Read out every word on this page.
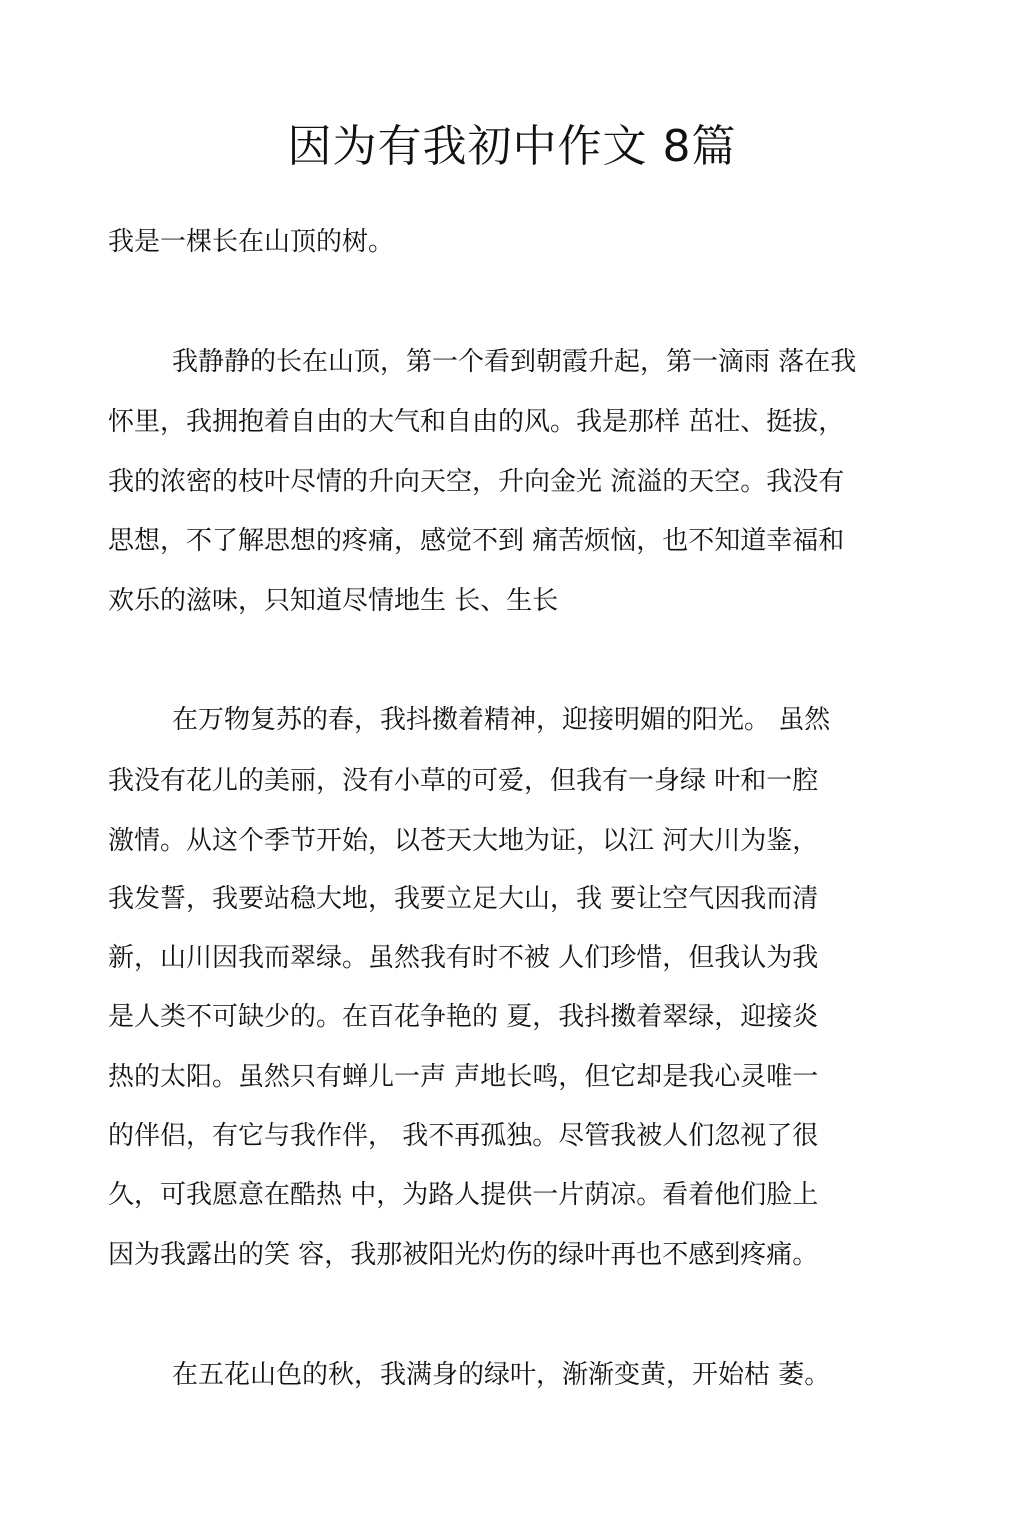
因为有我初中作文 8篇
我是一棵长在山顶的树。
我静静的长在山顶，第一个看到朝霞升起，第一滴雨 落在我
怀里，我拥抱着自由的大气和自由的风。我是那样 茁壮、挺拔，
我的浓密的枝叶尽情的升向天空，升向金光 流溢的天空。我没有
思想，不了解思想的疼痛，感觉不到 痛苦烦恼，也不知道幸福和
欢乐的滋味，只知道尽情地生 长、生长
在万物复苏的春，我抖擞着精神，迎接明媚的阳光。 虽然
我没有花儿的美丽，没有小草的可爱，但我有一身绿 叶和一腔
激情。从这个季节开始，以苍天大地为证，以江 河大川为鉴，
我发誓，我要站稳大地，我要立足大山，我 要让空气因我而清
新，山川因我而翠绿。虽然我有时不被 人们珍惜，但我认为我
是人类不可缺少的。在百花争艳的 夏，我抖擞着翠绿，迎接炎
热的太阳。虽然只有蝉儿一声 声地长鸣，但它却是我心灵唯一
的伴侣，有它与我作伴， 我不再孤独。尽管我被人们忽视了很
久，可我愿意在酷热 中，为路人提供一片荫凉。看着他们脸上
因为我露出的笑 容，我那被阳光灼伤的绿叶再也不感到疼痛。
在五花山色的秋，我满身的绿叶，渐渐变黄，开始枯 萎。
